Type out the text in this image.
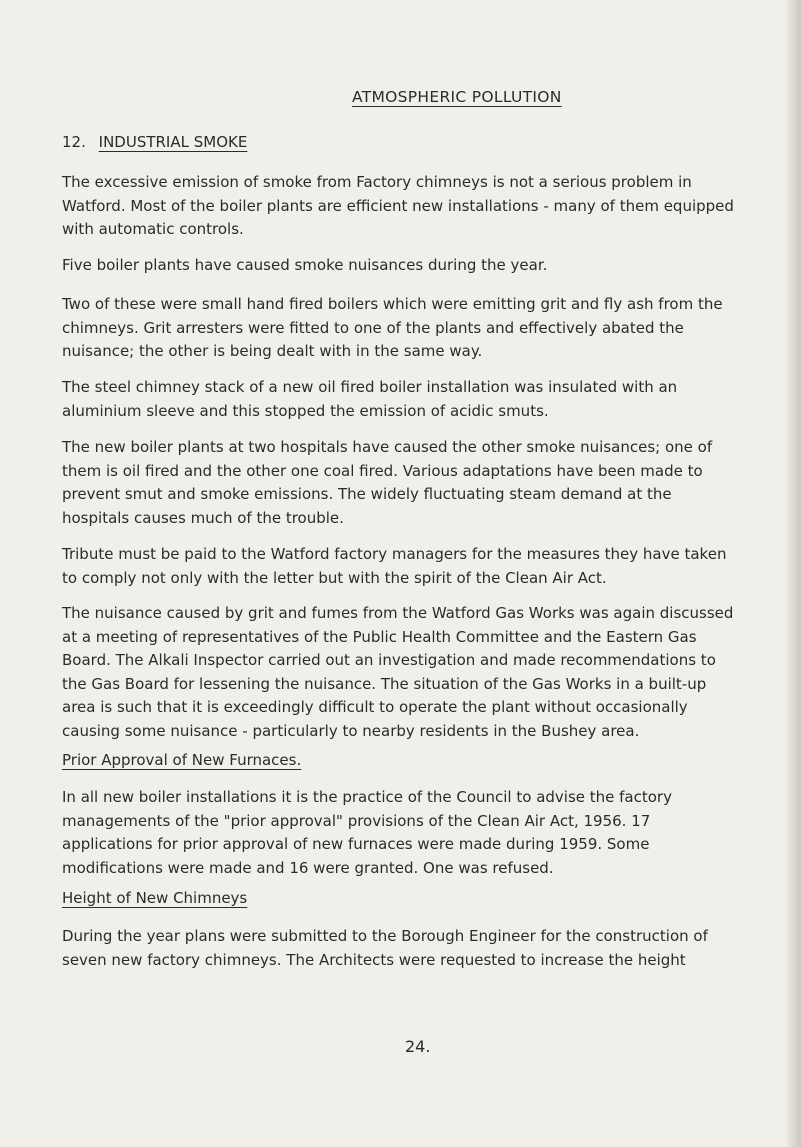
ATMOSPHERIC POLLUTION
12. INDUSTRIAL SMOKE

The excessive emission of smoke from Factory chimneys is not a serious problem in Watford. Most of the boiler plants are efficient new installations - many of them equipped with automatic controls.

Five boiler plants have caused smoke nuisances during the year.

Two of these were small hand fired boilers which were emitting grit and fly ash from the chimneys. Grit arresters were fitted to one of the plants and effectively abated the nuisance; the other is being dealt with in the same way.

The steel chimney stack of a new oil fired boiler installation was insulated with an aluminium sleeve and this stopped the emission of acidic smuts.

The new boiler plants at two hospitals have caused the other smoke nuisances; one of them is oil fired and the other one coal fired. Various adaptations have been made to prevent smut and smoke emissions. The widely fluctuating steam demand at the hospitals causes much of the trouble.

Tribute must be paid to the Watford factory managers for the measures they have taken to comply not only with the letter but with the spirit of the Clean Air Act.

The nuisance caused by grit and fumes from the Watford Gas Works was again discussed at a meeting of representatives of the Public Health Committee and the Eastern Gas Board. The Alkali Inspector carried out an investigation and made recommendations to the Gas Board for lessening the nuisance. The situation of the Gas Works in a built-up area is such that it is exceedingly difficult to operate the plant without occasionally causing some nuisance - particularly to nearby residents in the Bushey area.

Prior Approval of New Furnaces.

In all new boiler installations it is the practice of the Council to advise the factory managements of the "prior approval" provisions of the Clean Air Act, 1956. 17 applications for prior approval of new furnaces were made during 1959. Some modifications were made and 16 were granted. One was refused.

Height of New Chimneys

During the year plans were submitted to the Borough Engineer for the construction of seven new factory chimneys. The Architects were requested to increase the height

24.
